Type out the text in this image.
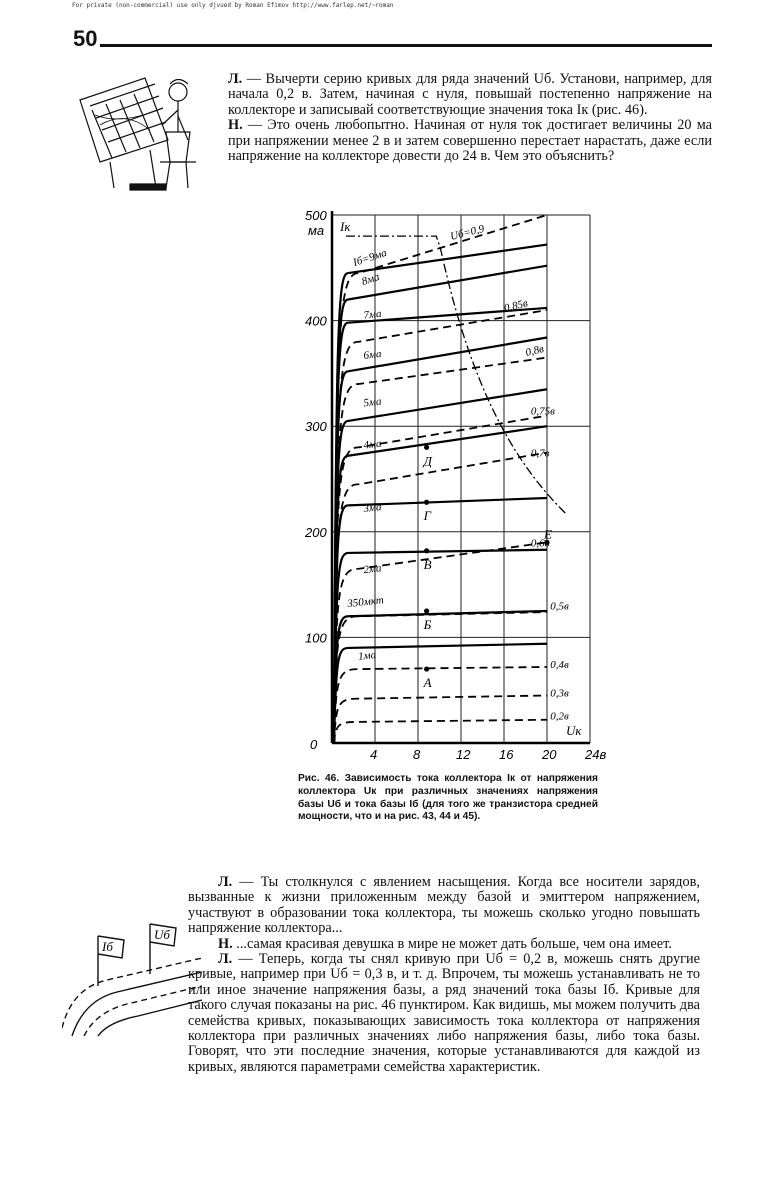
For private (non-commercial) use only djvued by Roman Efimov http://www.farlep.net/~roman
50

Л. — Вычерти серию кривых для ряда значений Uб. Установи, например, для начала 0,2 в. Затем, начиная с нуля, повышай постепенно напряжение на коллекторе и записывай соответствующие значения тока Iк (рис. 46).

Н. — Это очень любопытно. Начиная от нуля ток достигает величины 20 ма при напряжении менее 2 в и затем совершенно перестает нарастать, даже если напряжение на коллекторе довести до 24 в. Чем это объяснить?

0
4	8	12 16 20 24в
100
200
300
400
500
ма Iк
Uк
1ма
350мкт
2ма
3ма
4ма
5ма
6ма
7ма
8ма
Iб=9ма
0,2в
0,3в
0,4в
0,5в
0,6в
0,7в
0,75в
0,8в
0,85в
Uб=0,9
А
Б
В
Г
Д
Е
Рис. 46. Зависимость тока коллектора Iк от напряжения коллектора Uк при различных значениях напряжения базы Uб и тока базы Iб (для того же транзистора средней мощности, что и на рис. 43, 44 и 45).
Iб
Uб

Л. — Ты столкнулся с явлением насыщения. Когда все носители зарядов, вызванные к жизни приложенным между базой и эмиттером напряжением, участвуют в образовании тока коллектора, ты можешь сколько угодно повышать напряжение коллектора...

Н. ...самая красивая девушка в мире не может дать больше, чем она имеет.

Л. — Теперь, когда ты снял кривую при Uб = 0,2 в, можешь снять другие кривые, например при Uб = 0,3 в, и т. д. Впрочем, ты можешь устанавливать не то или иное значение напряжения базы, а ряд значений тока базы Iб. Кривые для такого случая показаны на рис. 46 пунктиром. Как видишь, мы можем получить два семейства кривых, показывающих зависимость тока коллектора от напряжения коллектора при различных значениях либо напряжения базы, либо тока базы. Говорят, что эти последние значения, которые устанавливаются для каждой из кривых, являются параметрами семейства характеристик.
